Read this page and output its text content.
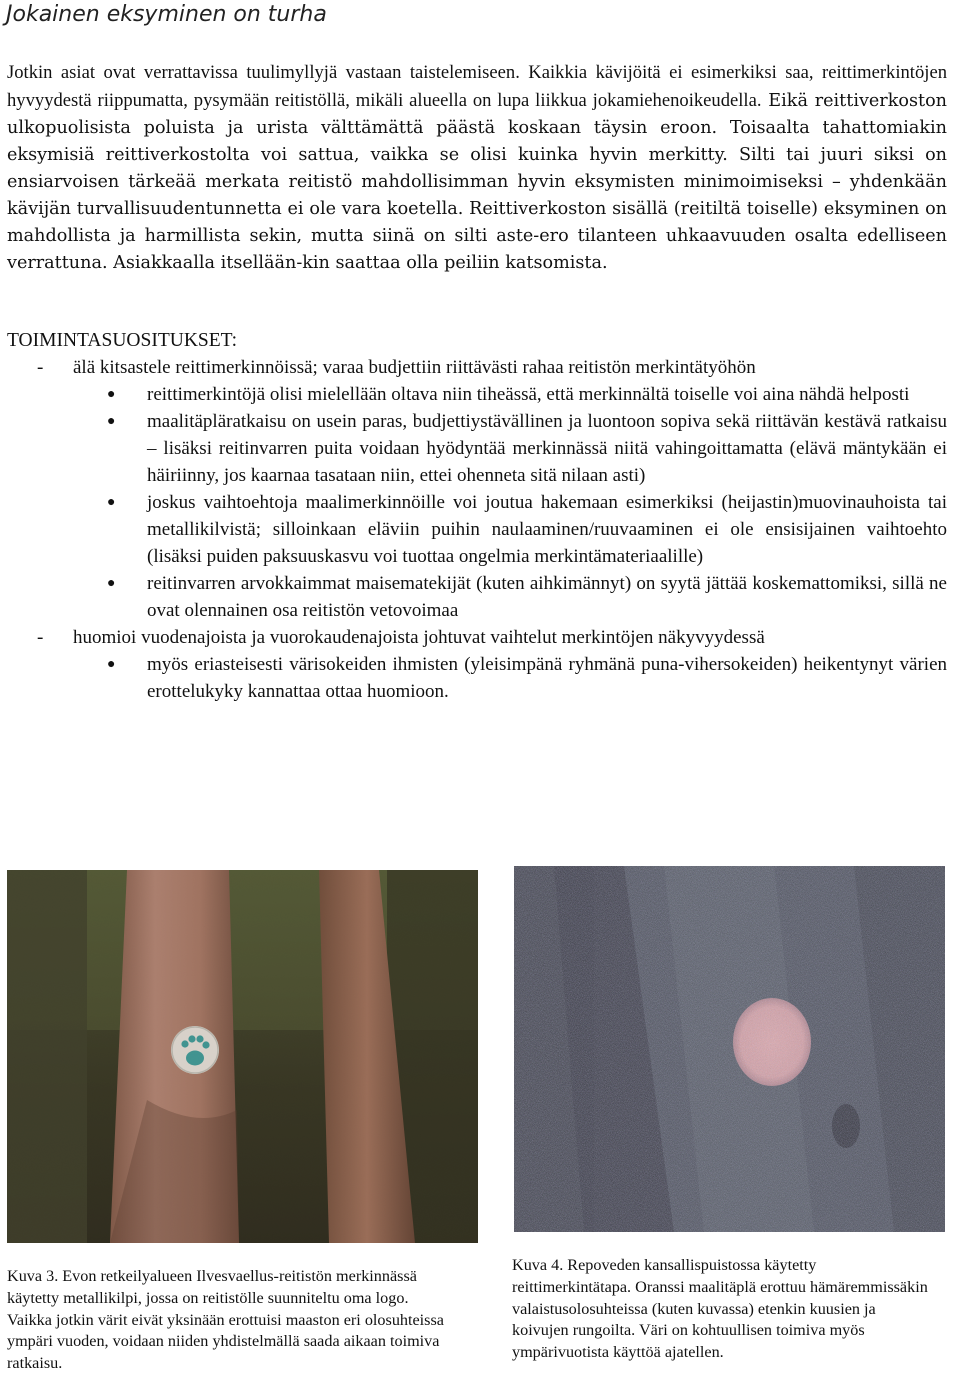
Jokainen eksyminen on turha

Jotkin asiat ovat verrattavissa tuulimyllyjä vastaan taistelemiseen. Kaikkia kävijöitä ei esimerkiksi saa, reittimerkintöjen hyvyydestä riippumatta, pysymään reitistöllä, mikäli alueella on lupa liikkua jokamiehenoikeudella. Eikä reittiverkoston ulkopuolisista poluista ja urista välttämättä päästä koskaan täysin eroon. Toisaalta tahattomiakin eksymisiä reittiverkostolta voi sattua, vaikka se olisi kuinka hyvin merkitty. Silti tai juuri siksi on ensiarvoisen tärkeää merkata reitistö mahdollisimman hyvin eksymisten minimoimiseksi – yhdenkään kävijän turvallisuudentunnetta ei ole vara koetella. Reittiverkoston sisällä (reitiltä toiselle) eksyminen on mahdollista ja harmillista sekin, mutta siinä on silti aste-ero tilanteen uhkaavuuden osalta edelliseen verrattuna. Asiakkaalla itsellään-kin saattaa olla peiliin katsomista.

TOIMINTASUOSITUKSET:

-	älä kitsastele reittimerkinnöissä; varaa budjettiin riittävästi rahaa reitistön merkintätyöhön
●	reittimerkintöjä olisi mielellään oltava niin tiheässä, että merkinnältä toiselle voi aina nähdä helposti
●	maalitäpläratkaisu on usein paras, budjettiystävällinen ja luontoon sopiva sekä riittävän kestävä ratkaisu – lisäksi reitinvarren puita voidaan hyödyntää merkinnässä niitä vahingoittamatta (elävä mäntykään ei häiriinny, jos kaarnaa tasataan niin, ettei ohenneta sitä nilaan asti)
●	joskus vaihtoehtoja maalimerkinnöille voi joutua hakemaan esimerkiksi (heijastin)muovinauhoista tai metallikilvistä; silloinkaan eläviin puihin naulaaminen/ruuvaaminen ei ole ensisijainen vaihtoehto (lisäksi puiden paksuuskasvu voi tuottaa ongelmia merkintämateriaalille)
●	reitinvarren arvokkaimmat maisematekijät (kuten aihkimännyt) on syytä jättää koskemattomiksi, sillä ne ovat olennainen osa reitistön vetovoimaa
-	huomioi vuodenajoista ja vuorokaudenajoista johtuvat vaihtelut merkintöjen näkyvyydessä
●	myös eriasteisesti värisokeiden ihmisten (yleisimpänä ryhmänä puna-vihersokeiden) heikentynyt värien erottelukyky kannattaa ottaa huomioon.

Kuva 3. Evon retkeilyalueen Ilvesvaellus-reitistön merkinnässä käytetty metallikilpi, jossa on reitistölle suunniteltu oma logo. Vaikka jotkin värit eivät yksinään erottuisi maaston eri olosuhteissa ympäri vuoden, voidaan niiden yhdistelmällä saada aikaan toimiva ratkaisu.

Kuva 4. Repoveden kansallispuistossa käytetty reittimerkintätapa. Oranssi maalitäplä erottuu hämäremmissäkin valaistusolosuhteissa (kuten kuvassa) etenkin kuusien ja koivujen rungoilta. Väri on kohtuullisen toimiva myös ympärivuotista käyttöä ajatellen.
